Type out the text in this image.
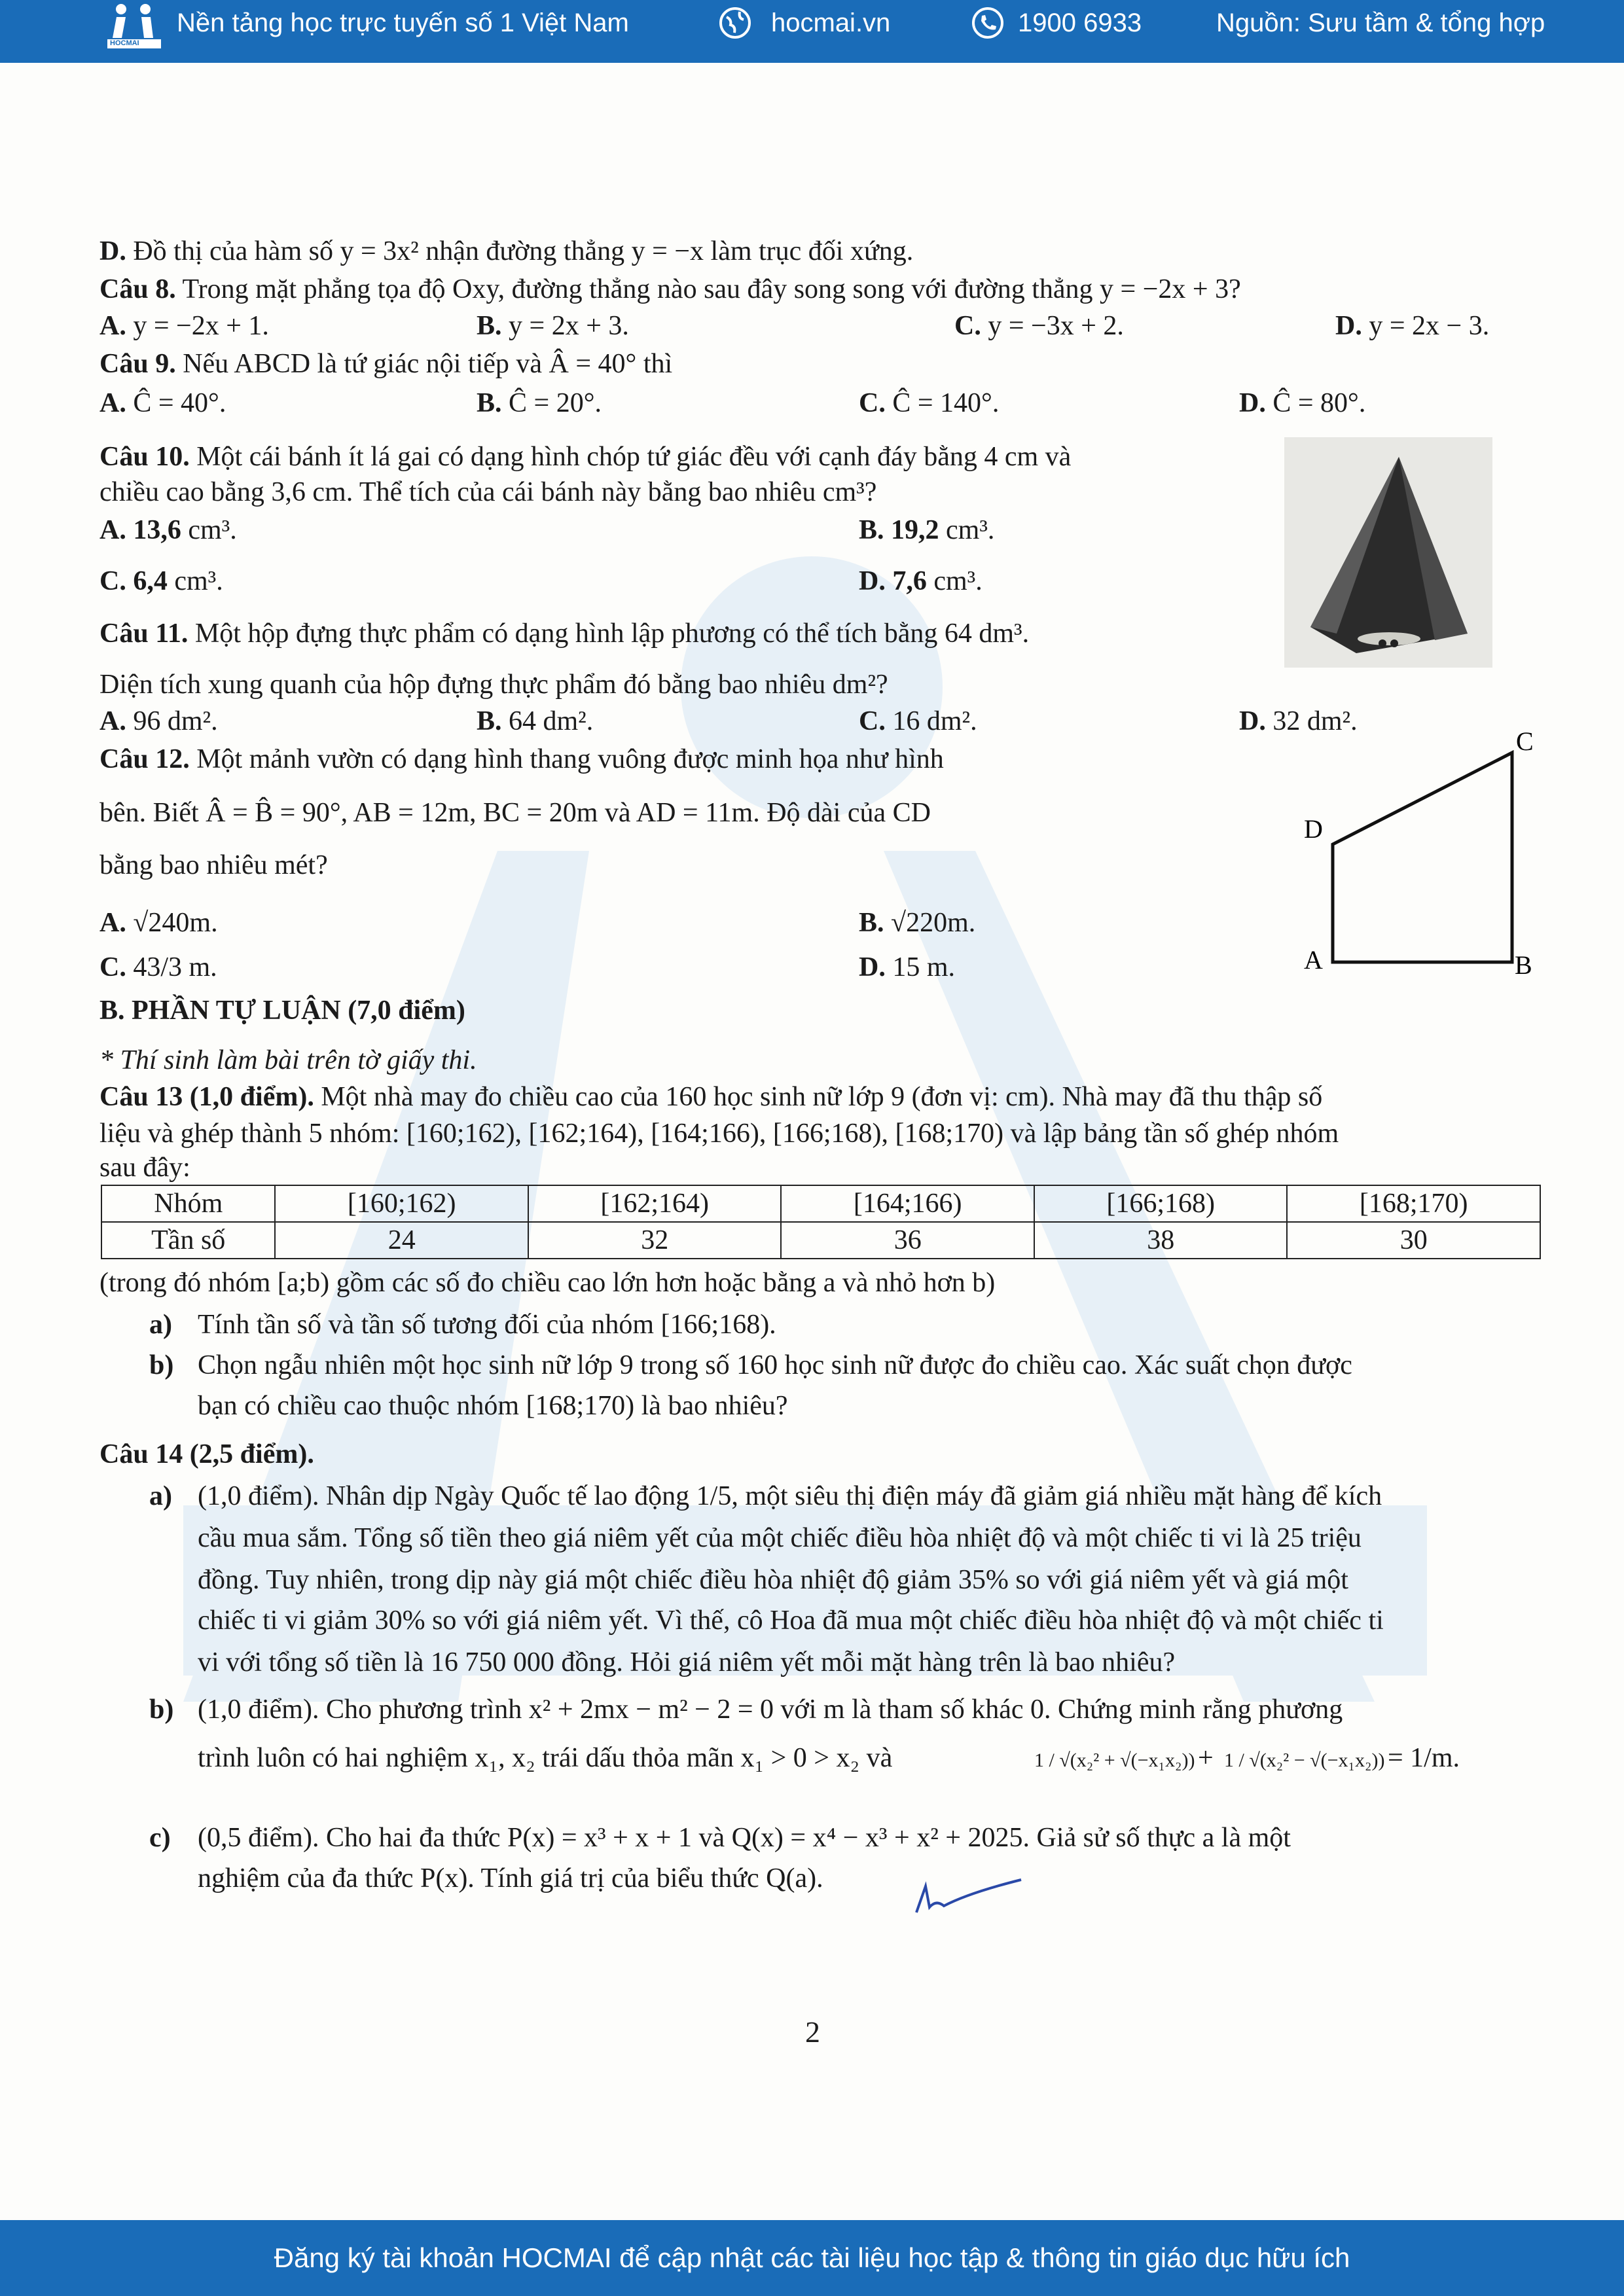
HOCMAI
Nền tảng học trực tuyến số 1 Việt Nam	hocmai.vn	1900 6933	Nguồn: Sưu tầm & tổng hợp
D. Đồ thị của hàm số y = 3x² nhận đường thẳng y = −x làm trục đối xứng.
Câu 8. Trong mặt phẳng tọa độ Oxy, đường thẳng nào sau đây song song với đường thẳng y = −2x + 3?
A. y = −2x + 1.	B. y = 2x + 3.	C. y = −3x + 2.	D. y = 2x − 3.
Câu 9. Nếu ABCD là tứ giác nội tiếp và Â = 40° thì
A. Ĉ = 40°.	B. Ĉ = 20°.	C. Ĉ = 140°.	D. Ĉ = 80°.
Câu 10. Một cái bánh ít lá gai có dạng hình chóp tứ giác đều với cạnh đáy bằng 4 cm và
chiều cao bằng 3,6 cm. Thể tích của cái bánh này bằng bao nhiêu cm³?
A. 13,6 cm³.	B. 19,2 cm³.
C. 6,4 cm³.	D. 7,6 cm³.
Câu 11. Một hộp đựng thực phẩm có dạng hình lập phương có thể tích bằng 64 dm³.
Diện tích xung quanh của hộp đựng thực phẩm đó bằng bao nhiêu dm²?
A. 96 dm².	B. 64 dm².	C. 16 dm².	D. 32 dm².
Câu 12. Một mảnh vườn có dạng hình thang vuông được minh họa như hình
bên. Biết Â = B̂ = 90°, AB = 12m, BC = 20m và AD = 11m. Độ dài của CD
bằng bao nhiêu mét?
A. √240m.	B. √220m.
C. 43/3 m.	D. 15 m.
C
D
A	B
B. PHẦN TỰ LUẬN (7,0 điểm)
* Thí sinh làm bài trên tờ giấy thi.
Câu 13 (1,0 điểm). Một nhà may đo chiều cao của 160 học sinh nữ lớp 9 (đơn vị: cm). Nhà may đã thu thập số
liệu và ghép thành 5 nhóm: [160;162), [162;164), [164;166), [166;168), [168;170) và lập bảng tần số ghép nhóm
sau đây:
Nhóm	[160;162)	[162;164)	[164;166)	[166;168)	[168;170)
Tần số	24	32	36	38	30
(trong đó nhóm [a;b) gồm các số đo chiều cao lớn hơn hoặc bằng a và nhỏ hơn b)
a) Tính tần số và tần số tương đối của nhóm [166;168).
b) Chọn ngẫu nhiên một học sinh nữ lớp 9 trong số 160 học sinh nữ được đo chiều cao. Xác suất chọn được
bạn có chiều cao thuộc nhóm [168;170) là bao nhiêu?
Câu 14 (2,5 điểm).
a) (1,0 điểm). Nhân dịp Ngày Quốc tế lao động 1/5, một siêu thị điện máy đã giảm giá nhiều mặt hàng để kích
cầu mua sắm. Tổng số tiền theo giá niêm yết của một chiếc điều hòa nhiệt độ và một chiếc ti vi là 25 triệu
đồng. Tuy nhiên, trong dịp này giá một chiếc điều hòa nhiệt độ giảm 35% so với giá niêm yết và giá một
chiếc ti vi giảm 30% so với giá niêm yết. Vì thế, cô Hoa đã mua một chiếc điều hòa nhiệt độ và một chiếc ti
vi với tổng số tiền là 16 750 000 đồng. Hỏi giá niêm yết mỗi mặt hàng trên là bao nhiêu?
b) (1,0 điểm). Cho phương trình x² + 2mx − m² − 2 = 0 với m là tham số khác 0. Chứng minh rằng phương
trình luôn có hai nghiệm x₁, x₂ trái dấu thỏa mãn x₁ > 0 > x₂ và	1 / √(x₂² + √(−x₁x₂)) + 1 / √(x₂² − √(−x₁x₂)) = 1/m.
c) (0,5 điểm). Cho hai đa thức P(x) = x³ + x + 1 và Q(x) = x⁴ − x³ + x² + 2025. Giả sử số thực a là một
nghiệm của đa thức P(x). Tính giá trị của biểu thức Q(a).
2
Đăng ký tài khoản HOCMAI để cập nhật các tài liệu học tập & thông tin giáo dục hữu ích
